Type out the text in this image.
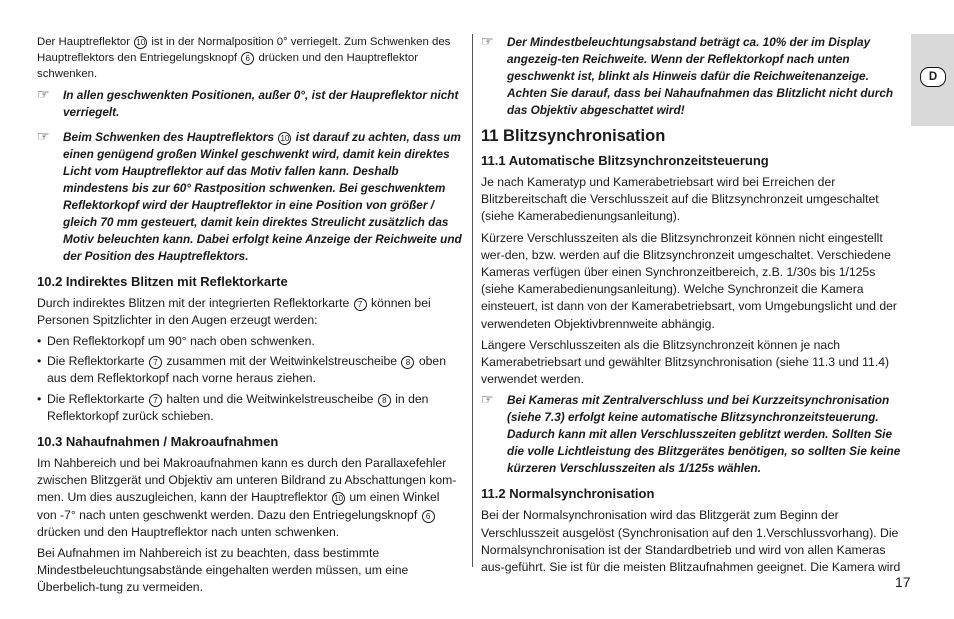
Der Hauptreflektor 10 ist in der Normalposition 0° verriegelt. Zum Schwenken des Hauptreflektors den Entriegelungsknopf 6 drücken und den Hauptreflektor schwenken.

☞ In allen geschwenkten Positionen, außer 0°, ist der Haupreflektor nicht verriegelt.
☞ Beim Schwenken des Hauptreflektors 10 ist darauf zu achten, dass um einen genügend großen Winkel geschwenkt wird, damit kein direktes Licht vom Hauptreflektor auf das Motiv fallen kann. Deshalb mindestens bis zur 60° Rastposition schwenken. Bei geschwenktem Reflektorkopf wird der Hauptreflektor in eine Position von größer / gleich 70 mm gesteuert, damit kein direktes Streulicht zusätzlich das Motiv beleuchten kann. Dabei erfolgt keine Anzeige der Reichweite und der Position des Hauptreflektors.
10.2 Indirektes Blitzen mit Reflektorkarte

Durch indirektes Blitzen mit der integrierten Reflektorkarte 7 können bei Personen Spitzlichter in den Augen erzeugt werden:

• Den Reflektorkopf um 90° nach oben schwenken.
• Die Reflektorkarte 7 zusammen mit der Weitwinkelstreuscheibe 8 oben aus dem Reflektorkopf nach vorne heraus ziehen.
• Die Reflektorkarte 7 halten und die Weitwinkelstreuscheibe 8 in den Reflektorkopf zurück schieben.
10.3 Nahaufnahmen / Makroaufnahmen

Im Nahbereich und bei Makroaufnahmen kann es durch den Parallaxefehler zwischen Blitzgerät und Objektiv am unteren Bildrand zu Abschattungen kom-men. Um dies auszugleichen, kann der Hauptreflektor 10 um einen Winkel von -7° nach unten geschwenkt werden. Dazu den Entriegelungsknopf 6 drücken und den Hauptreflektor nach unten schwenken.

Bei Aufnahmen im Nahbereich ist zu beachten, dass bestimmte Mindestbeleuchtungsabstände eingehalten werden müssen, um eine Überbelich-tung zu vermeiden.

☞ Der Mindestbeleuchtungsabstand beträgt ca. 10% der im Display angezeig-ten Reichweite. Wenn der Reflektorkopf nach unten geschwenkt ist, blinkt als Hinweis dafür die Reichweitenanzeige. Achten Sie darauf, dass bei Nahaufnahmen das Blitzlicht nicht durch das Objektiv abgeschattet wird!
11 Blitzsynchronisation
11.1 Automatische Blitzsynchronzeitsteuerung

Je nach Kameratyp und Kamerabetriebsart wird bei Erreichen der Blitzbereitschaft die Verschlusszeit auf die Blitzsynchronzeit umgeschaltet (siehe Kamerabedienungsanleitung).

Kürzere Verschlusszeiten als die Blitzsynchronzeit können nicht eingestellt wer-den, bzw. werden auf die Blitzsynchronzeit umgeschaltet. Verschiedene Kameras verfügen über einen Synchronzeitbereich, z.B. 1/30s bis 1/125s (siehe Kamerabedienungsanleitung). Welche Synchronzeit die Kamera einsteuert, ist dann von der Kamerabetriebsart, vom Umgebungslicht und der verwendeten Objektivbrennweite abhängig.

Längere Verschlusszeiten als die Blitzsynchronzeit können je nach Kamerabetriebsart und gewählter Blitzsynchronisation (siehe 11.3 und 11.4) verwendet werden.

☞ Bei Kameras mit Zentralverschluss und bei Kurzzeitsynchronisation (siehe 7.3) erfolgt keine automatische Blitzsynchronzeitsteuerung. Dadurch kann mit allen Verschlusszeiten geblitzt werden. Sollten Sie die volle Lichtleistung des Blitzgerätes benötigen, so sollten Sie keine kürzeren Verschlusszeiten als 1/125s wählen.
11.2 Normalsynchronisation

Bei der Normalsynchronisation wird das Blitzgerät zum Beginn der Verschlusszeit ausgelöst (Synchronisation auf den 1.Verschlussvorhang). Die Normalsynchronisation ist der Standardbetrieb und wird von allen Kameras aus-geführt. Sie ist für die meisten Blitzaufnahmen geeignet. Die Kamera wird

D
17
